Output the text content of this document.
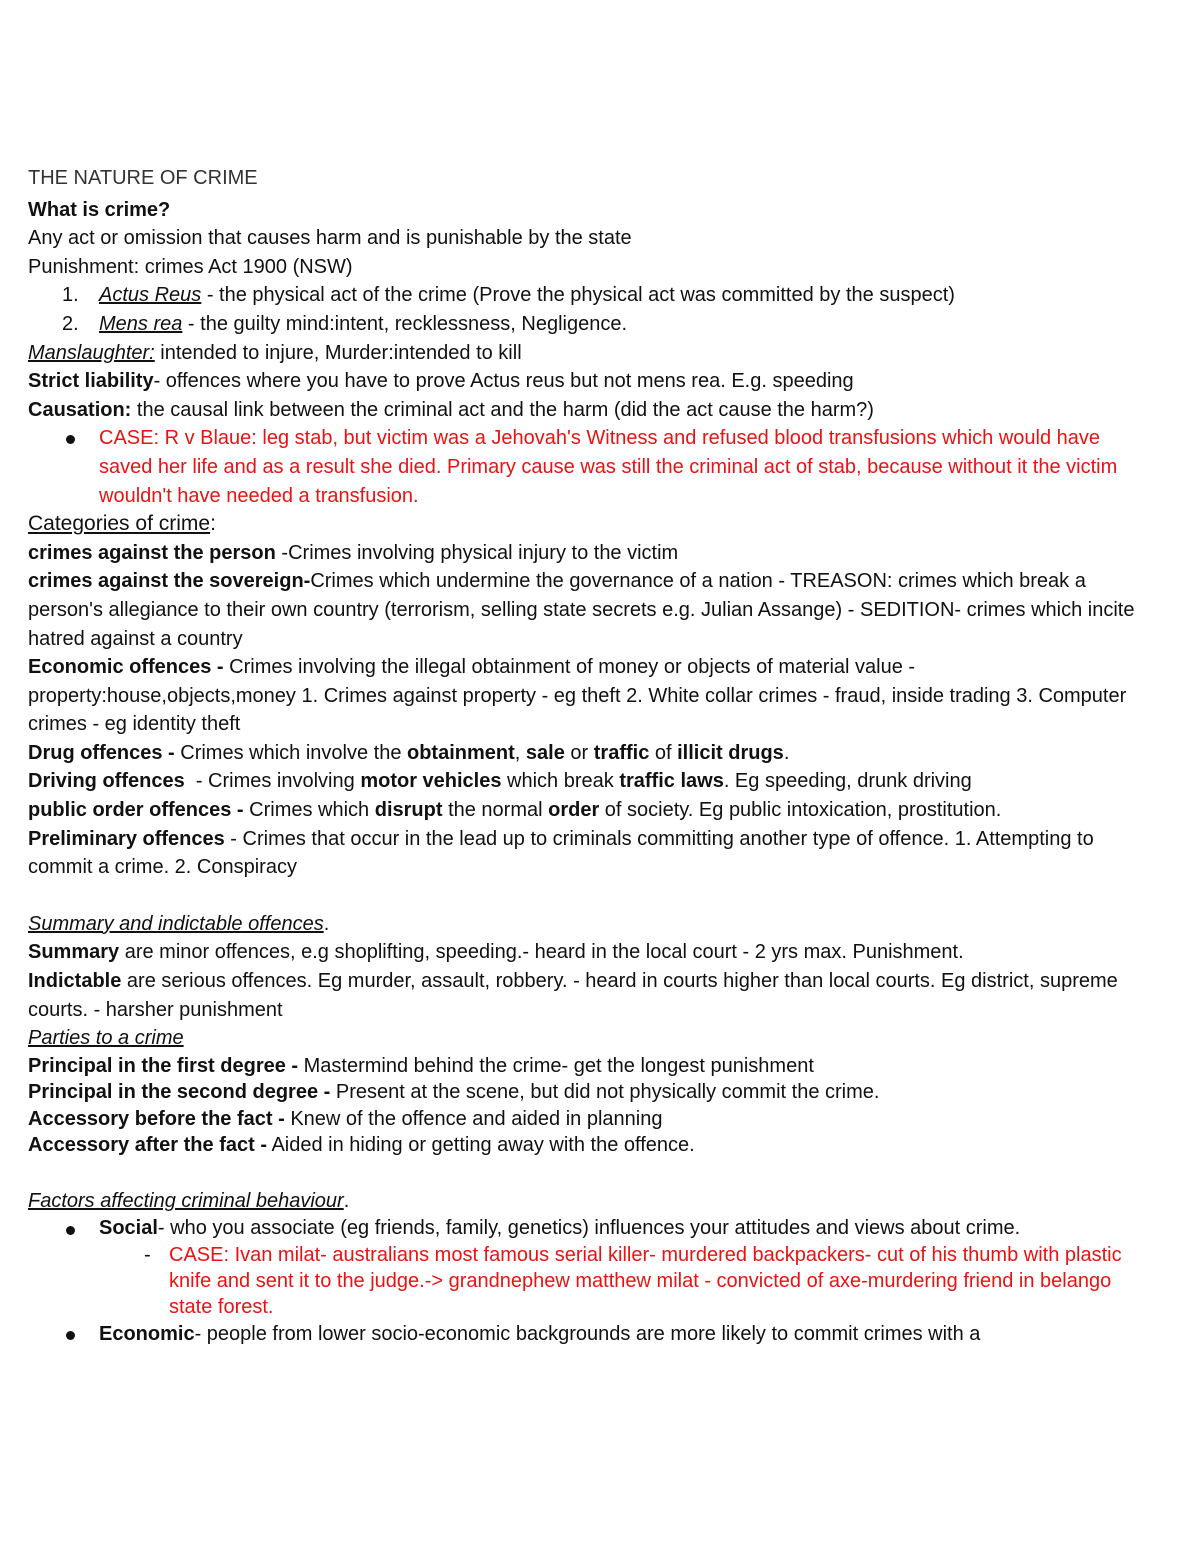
THE NATURE OF CRIME

What is crime?

Any act or omission that causes harm and is punishable by the state

Punishment: crimes Act 1900 (NSW)

1. Actus Reus - the physical act of the crime (Prove the physical act was committed by the suspect)
2. Mens rea - the guilty mind:intent, recklessness, Negligence.

Manslaughter: intended to injure, Murder:intended to kill

Strict liability- offences where you have to prove Actus reus but not mens rea. E.g. speeding

Causation: the causal link between the criminal act and the harm (did the act cause the harm?)

CASE: R v Blaue: leg stab, but victim was a Jehovah's Witness and refused blood transfusions which would have saved her life and as a result she died. Primary cause was still the criminal act of stab, because without it the victim wouldn't have needed a transfusion.

Categories of crime:

crimes against the person -Crimes involving physical injury to the victim

crimes against the sovereign-Crimes which undermine the governance of a nation - TREASON: crimes which break a person's allegiance to their own country (terrorism, selling state secrets e.g. Julian Assange) - SEDITION- crimes which incite hatred against a country

Economic offences - Crimes involving the illegal obtainment of money or objects of material value - property:house,objects,money 1. Crimes against property - eg theft 2. White collar crimes - fraud, inside trading 3. Computer crimes - eg identity theft

Drug offences - Crimes which involve the obtainment, sale or traffic of illicit drugs.

Driving offences  - Crimes involving motor vehicles which break traffic laws. Eg speeding, drunk driving

public order offences - Crimes which disrupt the normal order of society. Eg public intoxication, prostitution.

Preliminary offences - Crimes that occur in the lead up to criminals committing another type of offence. 1. Attempting to commit a crime. 2. Conspiracy

Summary and indictable offences.

Summary are minor offences, e.g shoplifting, speeding.- heard in the local court - 2 yrs max. Punishment.

Indictable are serious offences. Eg murder, assault, robbery. - heard in courts higher than local courts. Eg district, supreme courts. - harsher punishment

Parties to a crime

Principal in the first degree - Mastermind behind the crime- get the longest punishment

Principal in the second degree - Present at the scene, but did not physically commit the crime.

Accessory before the fact - Knew of the offence and aided in planning

Accessory after the fact - Aided in hiding or getting away with the offence.

Factors affecting criminal behaviour.

Social- who you associate (eg friends, family, genetics) influences your attitudes and views about crime.
- CASE: Ivan milat- australians most famous serial killer- murdered backpackers- cut of his thumb with plastic knife and sent it to the judge.-> grandnephew matthew milat - convicted of axe-murdering friend in belango state forest.
Economic- people from lower socio-economic backgrounds are more likely to commit crimes with a
